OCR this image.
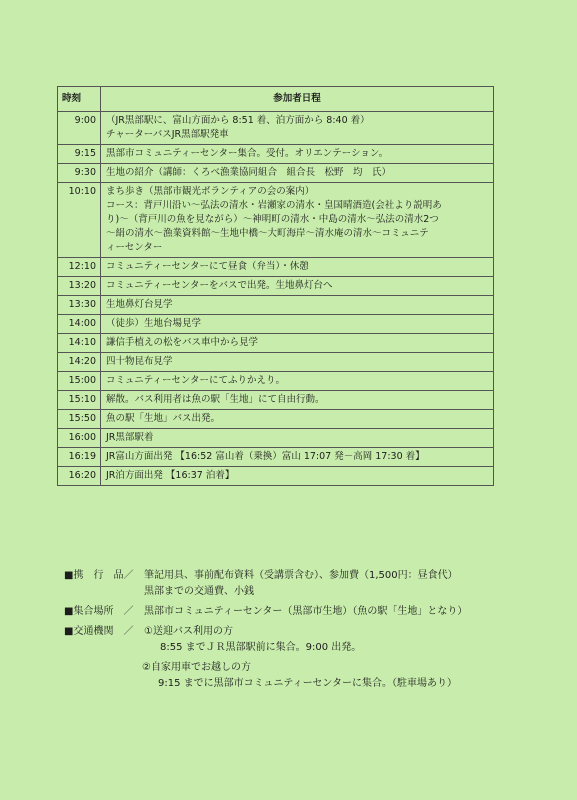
時刻	参加者日程
9:00	（JR黒部駅に、富山方面から 8:51 着、泊方面から 8:40 着）
チャーターバスJR黒部駅発車

9:15	黒部市コミュニティーセンター集合。受付。オリエンテーション。

9:30	生地の紹介（講師：くろべ漁業協同組合　組合長　松野　均　氏）

10:10	まち歩き（黒部市観光ボランティアの会の案内）
コース：背戸川沿い～弘法の清水・岩瀬家の清水・皇国晴酒造(会社より説明あ
り)～（背戸川の魚を見ながら）～神明町の清水・中島の清水～弘法の清水2つ
～絹の清水～漁業資料館～生地中橋～大町海岸～清水庵の清水～コミュニテ
ィーセンター

12:10	コミュニティーセンターにて昼食（弁当）・休憩

13:20	コミュニティーセンターをバスで出発。生地鼻灯台へ

13:30	生地鼻灯台見学

14:00	（徒歩）生地台場見学

14:10	謙信手植えの松をバス車中から見学

14:20	四十物昆布見学

15:00	コミュニティーセンターにてふりかえり。

15:10	解散。バス利用者は魚の駅「生地」にて自由行動。

15:50	魚の駅「生地」バス出発。

16:00	JR黒部駅着

16:19	JR富山方面出発 【16:52 富山着（乗換）富山 17:07 発－高岡 17:30 着】

16:20	JR泊方面出発 【16:37 泊着】
■携　行　品／	筆記用具、事前配布資料（受講票含む）、参加費（1,500円：昼食代）
黒部までの交通費、小銭
■集合場所　／	黒部市コミュニティーセンター（黒部市生地）（魚の駅「生地」となり）
■交通機関　／	①送迎バス利用の方
8:55 までＪＲ黒部駅前に集合。9:00 出発。
②自家用車でお越しの方
9:15 までに黒部市コミュニティーセンターに集合。（駐車場あり）
